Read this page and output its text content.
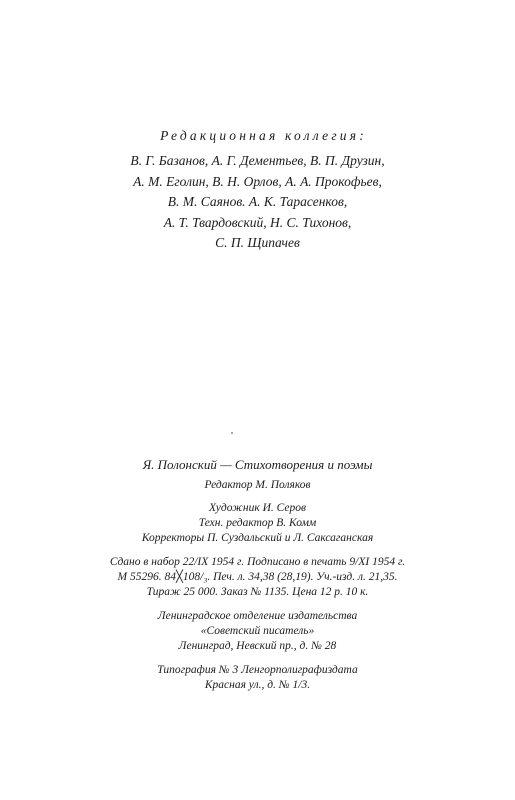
Редакционная коллегия:
В. Г. Базанов, А. Г. Дементьев, В. П. Друзин,
А. М. Еголин, В. Н. Орлов, А. А. Прокофьев,
В. М. Саянов. А. К. Тарасенков,
А. Т. Твардовский, Н. С. Тихонов,
С. П. Щипачев
Я. Полонский — Стихотворения и поэмы
Редактор М. Поляков
Художник И. Серов
Техн. редактор В. Комм
Корректоры П. Суздальский и Л. Саксаганская
Сдано в набор 22/IX 1954 г. Подписано в печать 9/XI 1954 г.
М 55296. 84╳108/₃. Печ. л. 34,38 (28,19). Уч.-изд. л. 21,35.
Тираж 25 000. Заказ № 1135. Цена 12 р. 10 к.
Ленинградское отделение издательства
«Советский писатель»
Ленинград, Невский пр., д. № 28
Типография № 3 Ленгорполиграфиздата
Красная ул., д. № 1/3.
